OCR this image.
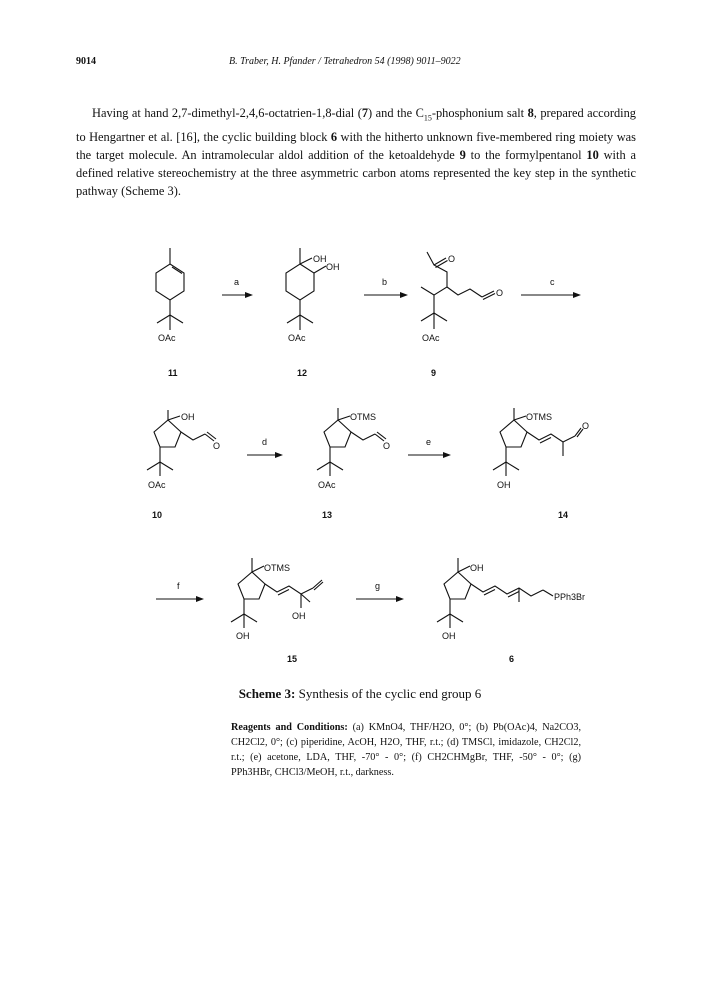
9014	B. Traber, H. Pfander / Tetrahedron 54 (1998) 9011–9022

Having at hand 2,7-dimethyl-2,4,6-octatrien-1,8-dial (7) and the $C_{15}$-phosphonium salt 8, prepared according to Hengartner et al. [16], the cyclic building block 6 with the hitherto unknown five-membered ring moiety was the target molecule. An intramolecular aldol addition of the ketoaldehyde 9 to the formylpentanol 10 with a defined relative stereochemistry at the three asymmetric carbon atoms represented the key step in the synthetic pathway (Scheme 3).

OAc
11
a
OH
OH
OAc
12
b
O
O
OAc
9
c
OH
O
OAc
10
d
OTMS
O
OAc
13
e
OTMS
O
OH
14
f
OTMS
OH
OH
15
g
OH
PPh3Br
OH
6
Scheme 3: Synthesis of the cyclic end group 6

Reagents and Conditions: (a) KMnO4, THF/H2O, 0°; (b) Pb(OAc)4, Na2CO3, CH2Cl2, 0°; (c) piperidine, AcOH, H2O, THF, r.t.; (d) TMSCl, imidazole, CH2Cl2, r.t.; (e) acetone, LDA, THF, -70° - 0°; (f) CH2CHMgBr, THF, -50° - 0°; (g) PPh3HBr, CHCl3/MeOH, r.t., darkness.
